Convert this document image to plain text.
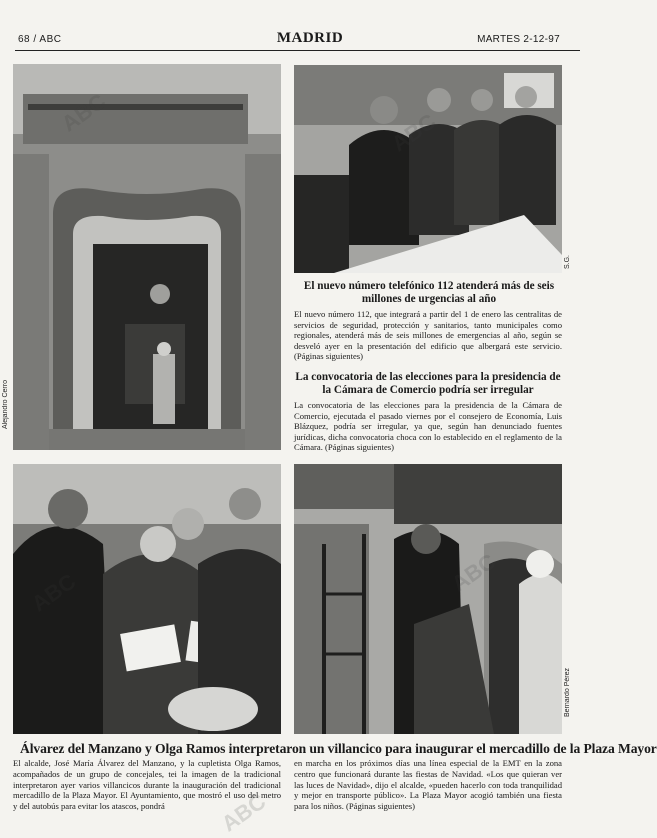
68 / ABC	MADRID	MARTES 2-12-97
Alejandro Cerro
S.G.
El nuevo número telefónico 112 atenderá más de seis millones de urgencias al año
El nuevo número 112, que integrará a partir del 1 de enero las centralitas de servicios de seguridad, protección y sanitarios, tanto municipales como regionales, atenderá más de seis millones de emergencias al año, según se desveló ayer en la presentación del edificio que albergará este servicio. (Páginas siguientes)
La convocatoria de las elecciones para la presidencia de la Cámara de Comercio podría ser irregular
La convocatoria de las elecciones para la presidencia de la Cámara de Comercio, ejecutada el pasado viernes por el consejero de Economía, Luis Blázquez, podría ser irregular, ya que, según han denunciado fuentes jurídicas, dicha convocatoria choca con lo establecido en el reglamento de la Cámara. (Páginas siguientes)
Bernardo Pérez
Álvarez del Manzano y Olga Ramos interpretaron un villancico para inaugurar el mercadillo de la Plaza Mayor
El alcalde, José María Álvarez del Manzano, y la cupletista Olga Ramos, acompañados de un grupo de concejales, tei la imagen de la tradicional interpretaron ayer varios villancicos durante la inauguración del tradicional mercadillo de la Plaza Mayor. El Ayuntamiento, que mostró el uso del metro y del autobús para evitar los atascos, pondrá
en marcha en los próximos días una línea especial de la EMT en la zona centro que funcionará durante las fiestas de Navidad. «Los que quieran ver las luces de Navidad», dijo el alcalde, «pueden hacerlo con toda tranquilidad y mejor en transporte público». La Plaza Mayor acogió también una fiesta para los niños. (Páginas siguientes)
ABC
